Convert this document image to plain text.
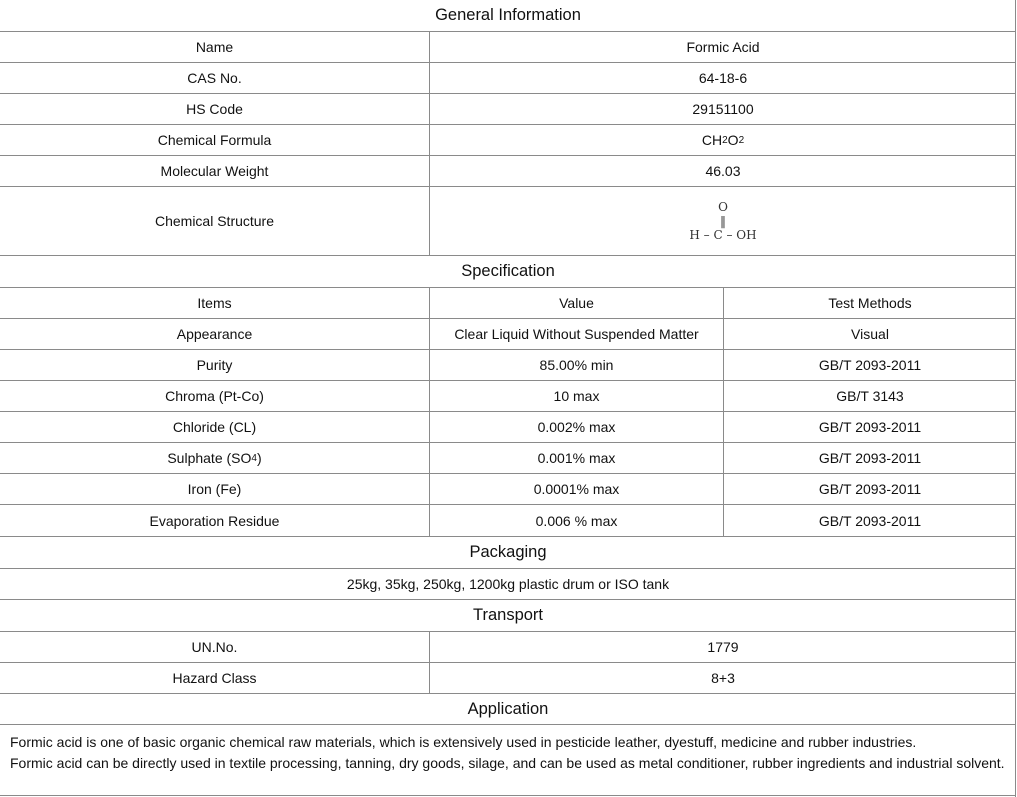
General Information
Name	Formic Acid
CAS No.	64-18-6
HS Code	29151100
Chemical Formula	CH 2 O 2
Molecular Weight	46.03
Chemical Structure
O
‖
H – C – OH
Specification
Items	Value	Test Methods
Appearance	Clear Liquid Without Suspended Matter	Visual
Purity	85.00% min	GB/T 2093-2011
Chroma (Pt-Co)	10 max	GB/T 3143
Chloride (CL)	0.002% max	GB/T 2093-2011
Sulphate (SO 4 )	0.001% max	GB/T 2093-2011
Iron (Fe)	0.0001% max	GB/T 2093-2011
Evaporation Residue	0.006 % max	GB/T 2093-2011
Packaging
25kg, 35kg, 250kg, 1200kg plastic drum or ISO tank
Transport
UN.No.	1779
Hazard Class	8+3
Application
Formic acid is one of basic organic chemical raw materials, which is extensively used in pesticide leather, dyestuff, medicine and rubber industries.
Formic acid can be directly used in textile processing, tanning, dry goods, silage, and can be used as metal conditioner, rubber ingredients and industrial solvent.
